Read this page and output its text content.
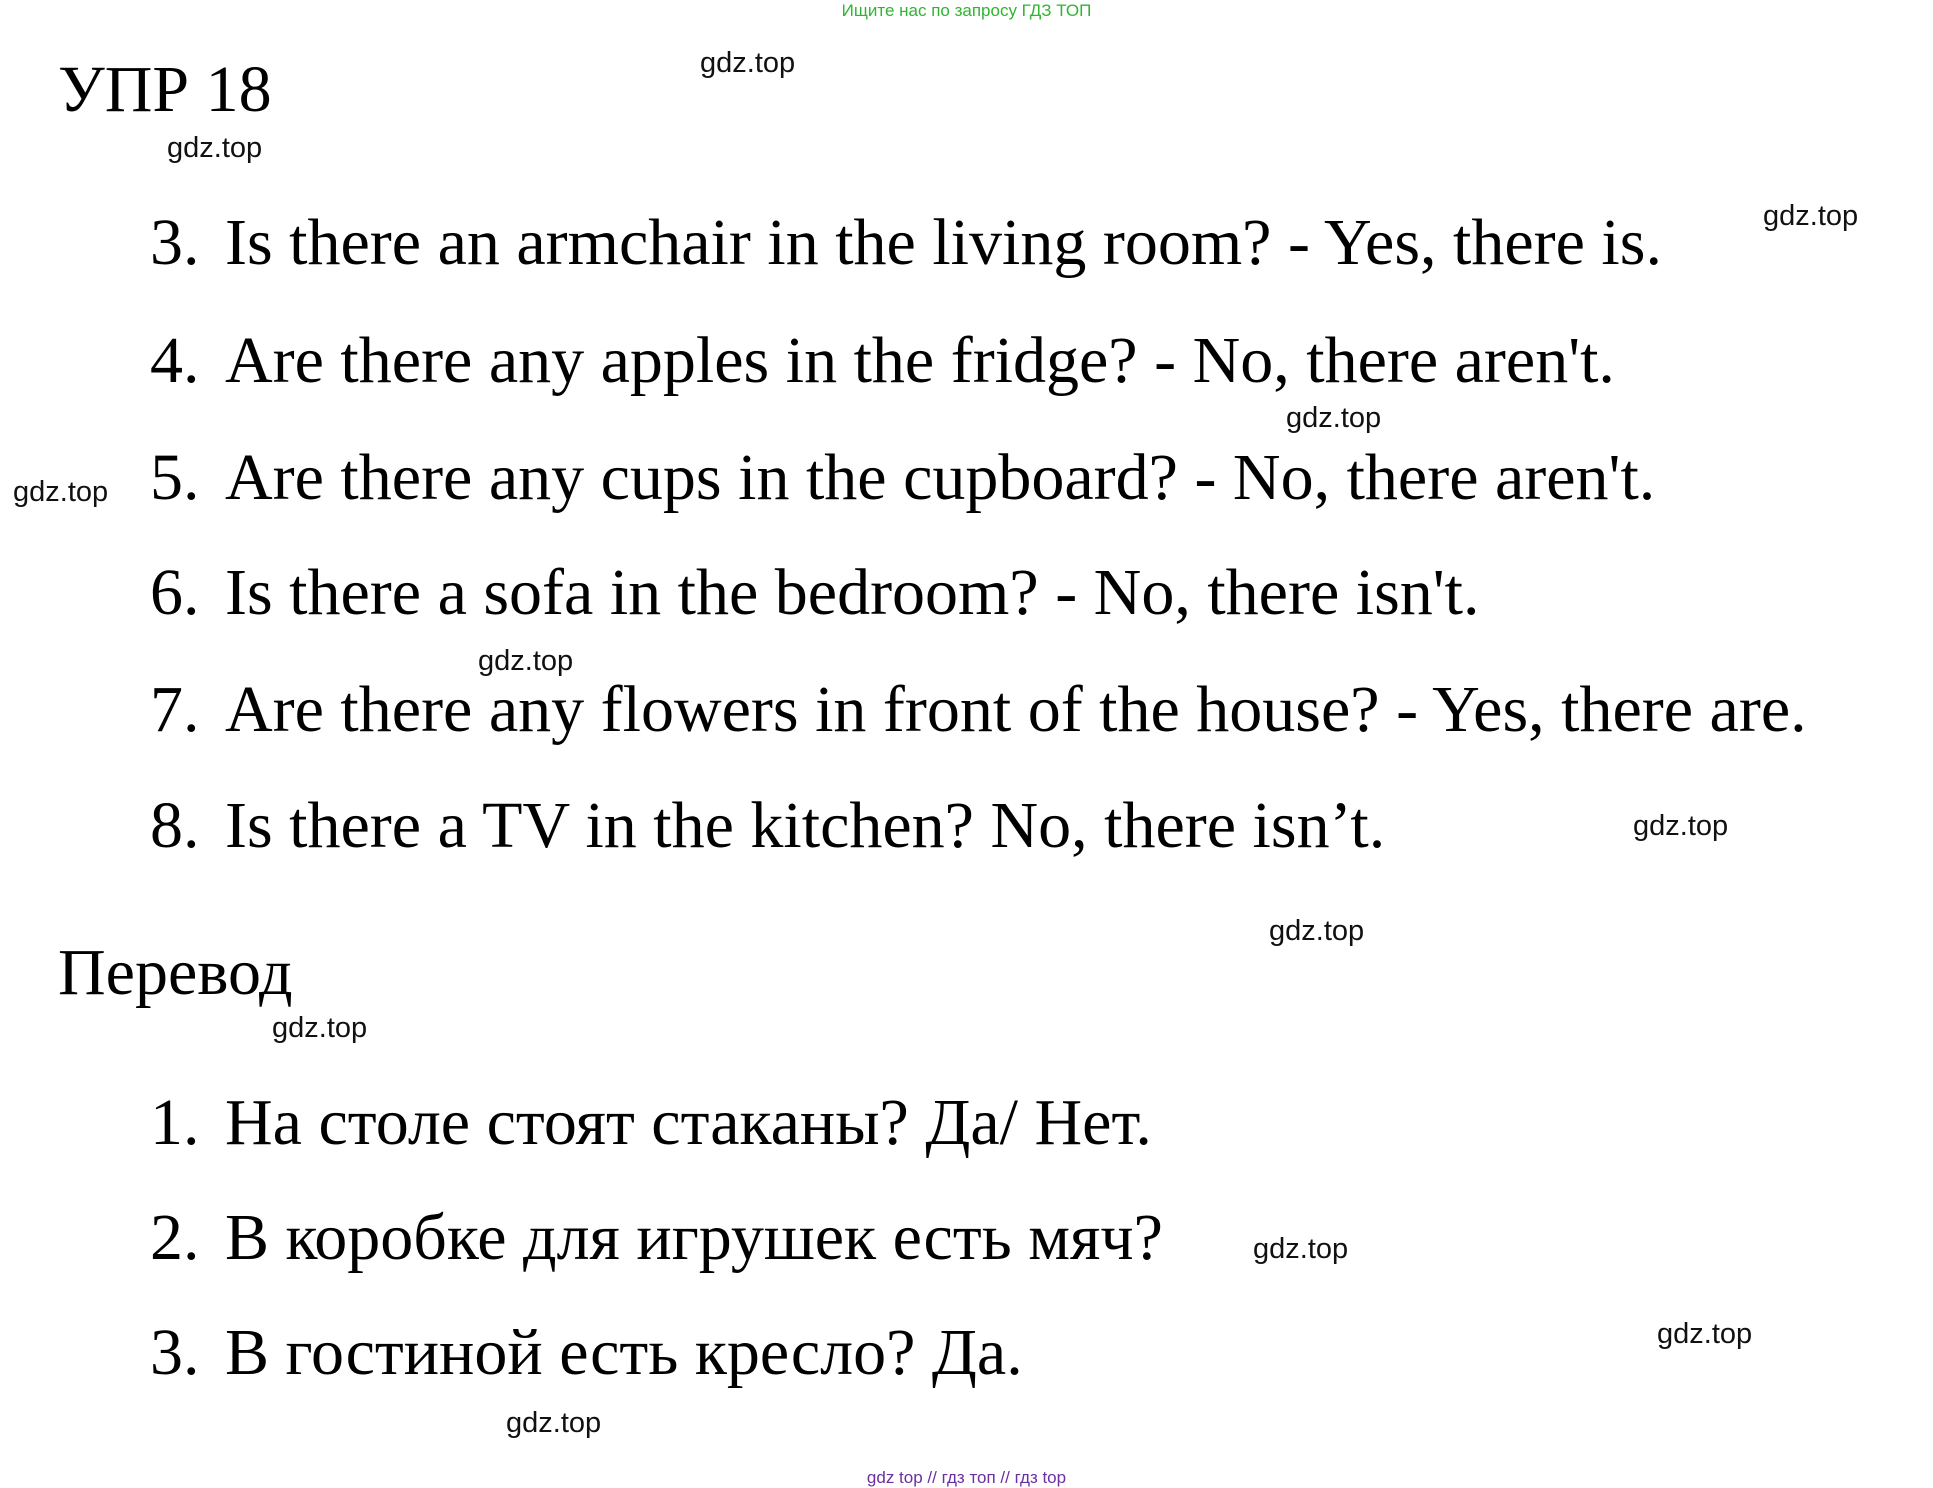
Ищите нас по запросу ГДЗ ТОП
УПР 18
3. Is there an armchair in the living room? - Yes, there is.
4. Are there any apples in the fridge? - No, there aren't.
5. Are there any cups in the cupboard? - No, there aren't.
6. Is there a sofa in the bedroom? - No, there isn't.
7. Are there any flowers in front of the house? - Yes, there are.
8. Is there a TV in the kitchen? No, there isn’t.
Перевод
1. На столе стоят стаканы? Да/ Нет.
2. В коробке для игрушек есть мяч?
3. В гостиной есть кресло? Да.
gdz.top
gdz.top
gdz.top
gdz.top
gdz.top
gdz.top
gdz.top
gdz.top
gdz.top
gdz.top
gdz.top
gdz.top
gdz top // гдз топ // гдз top
